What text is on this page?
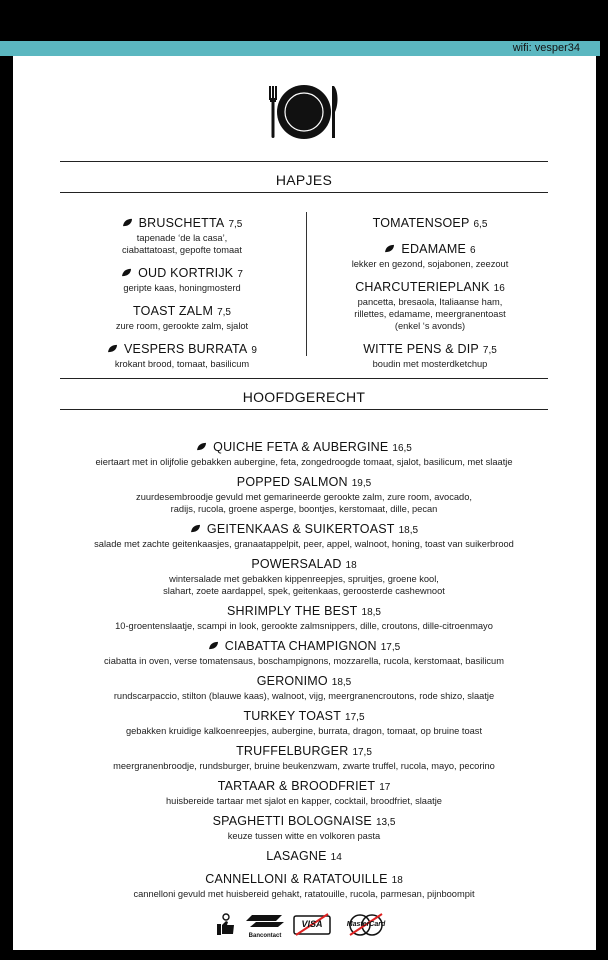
wifi: vesper34
HAPJES
BRUSCHETTA 7,5
tapenade ‘de la casa’,
ciabattatoast, gepofte tomaat
OUD KORTRIJK 7
geripte kaas, honingmosterd
TOAST ZALM 7,5
zure room, gerookte zalm, sjalot
VESPERS BURRATA 9
krokant brood, tomaat, basilicum
TOMATENSOEP 6,5
EDAMAME 6
lekker en gezond, sojabonen, zeezout
CHARCUTERIEPLANK 16
pancetta, bresaola, Italiaanse ham,
rillettes, edamame, meergranentoast
(enkel ‘s avonds)
WITTE PENS & DIP 7,5
boudin met mosterdketchup
HOOFDGERECHT
QUICHE FETA & AUBERGINE 16,5
eiertaart met in olijfolie gebakken aubergine, feta, zongedroogde tomaat, sjalot, basilicum, met slaatje
POPPED SALMON 19,5
zuurdesembroodje gevuld met gemarineerde gerookte zalm, zure room, avocado,
radijs, rucola, groene asperge, boontjes, kerstomaat, dille, pecan
GEITENKAAS & SUIKERTOAST 18,5
salade met zachte geitenkaasjes, granaatappelpit, peer, appel, walnoot, honing, toast van suikerbrood
POWERSALAD 18
wintersalade met gebakken kippenreepjes, spruitjes, groene kool,
slahart, zoete aardappel, spek, geitenkaas, geroosterde cashewnoot
SHRIMPLY THE BEST 18,5
10-groentenslaatje, scampi in look, gerookte zalmsnippers, dille, croutons, dille-citroenmayo
CIABATTA CHAMPIGNON 17,5
ciabatta in oven, verse tomatensaus, boschampignons, mozzarella, rucola, kerstomaat, basilicum
GERONIMO 18,5
rundscarpaccio, stilton (blauwe kaas), walnoot, vijg, meergranencroutons, rode shizo, slaatje
TURKEY TOAST 17,5
gebakken kruidige kalkoenreepjes, aubergine, burrata, dragon, tomaat, op bruine toast
TRUFFELBURGER 17,5
meergranenbroodje, rundsburger, bruine beukenzwam, zwarte truffel, rucola, mayo, pecorino
TARTAAR & BROODFRIET 17
huisbereide tartaar met sjalot en kapper, cocktail, broodfriet, slaatje
SPAGHETTI BOLOGNAISE 13,5
keuze tussen witte en volkoren pasta
LASAGNE 14
CANNELLONI & RATATOUILLE 18
cannelloni gevuld met huisbereid gehakt, ratatouille, rucola, parmesan, pijnboompit
Bancontact
VISA	MasterCard
